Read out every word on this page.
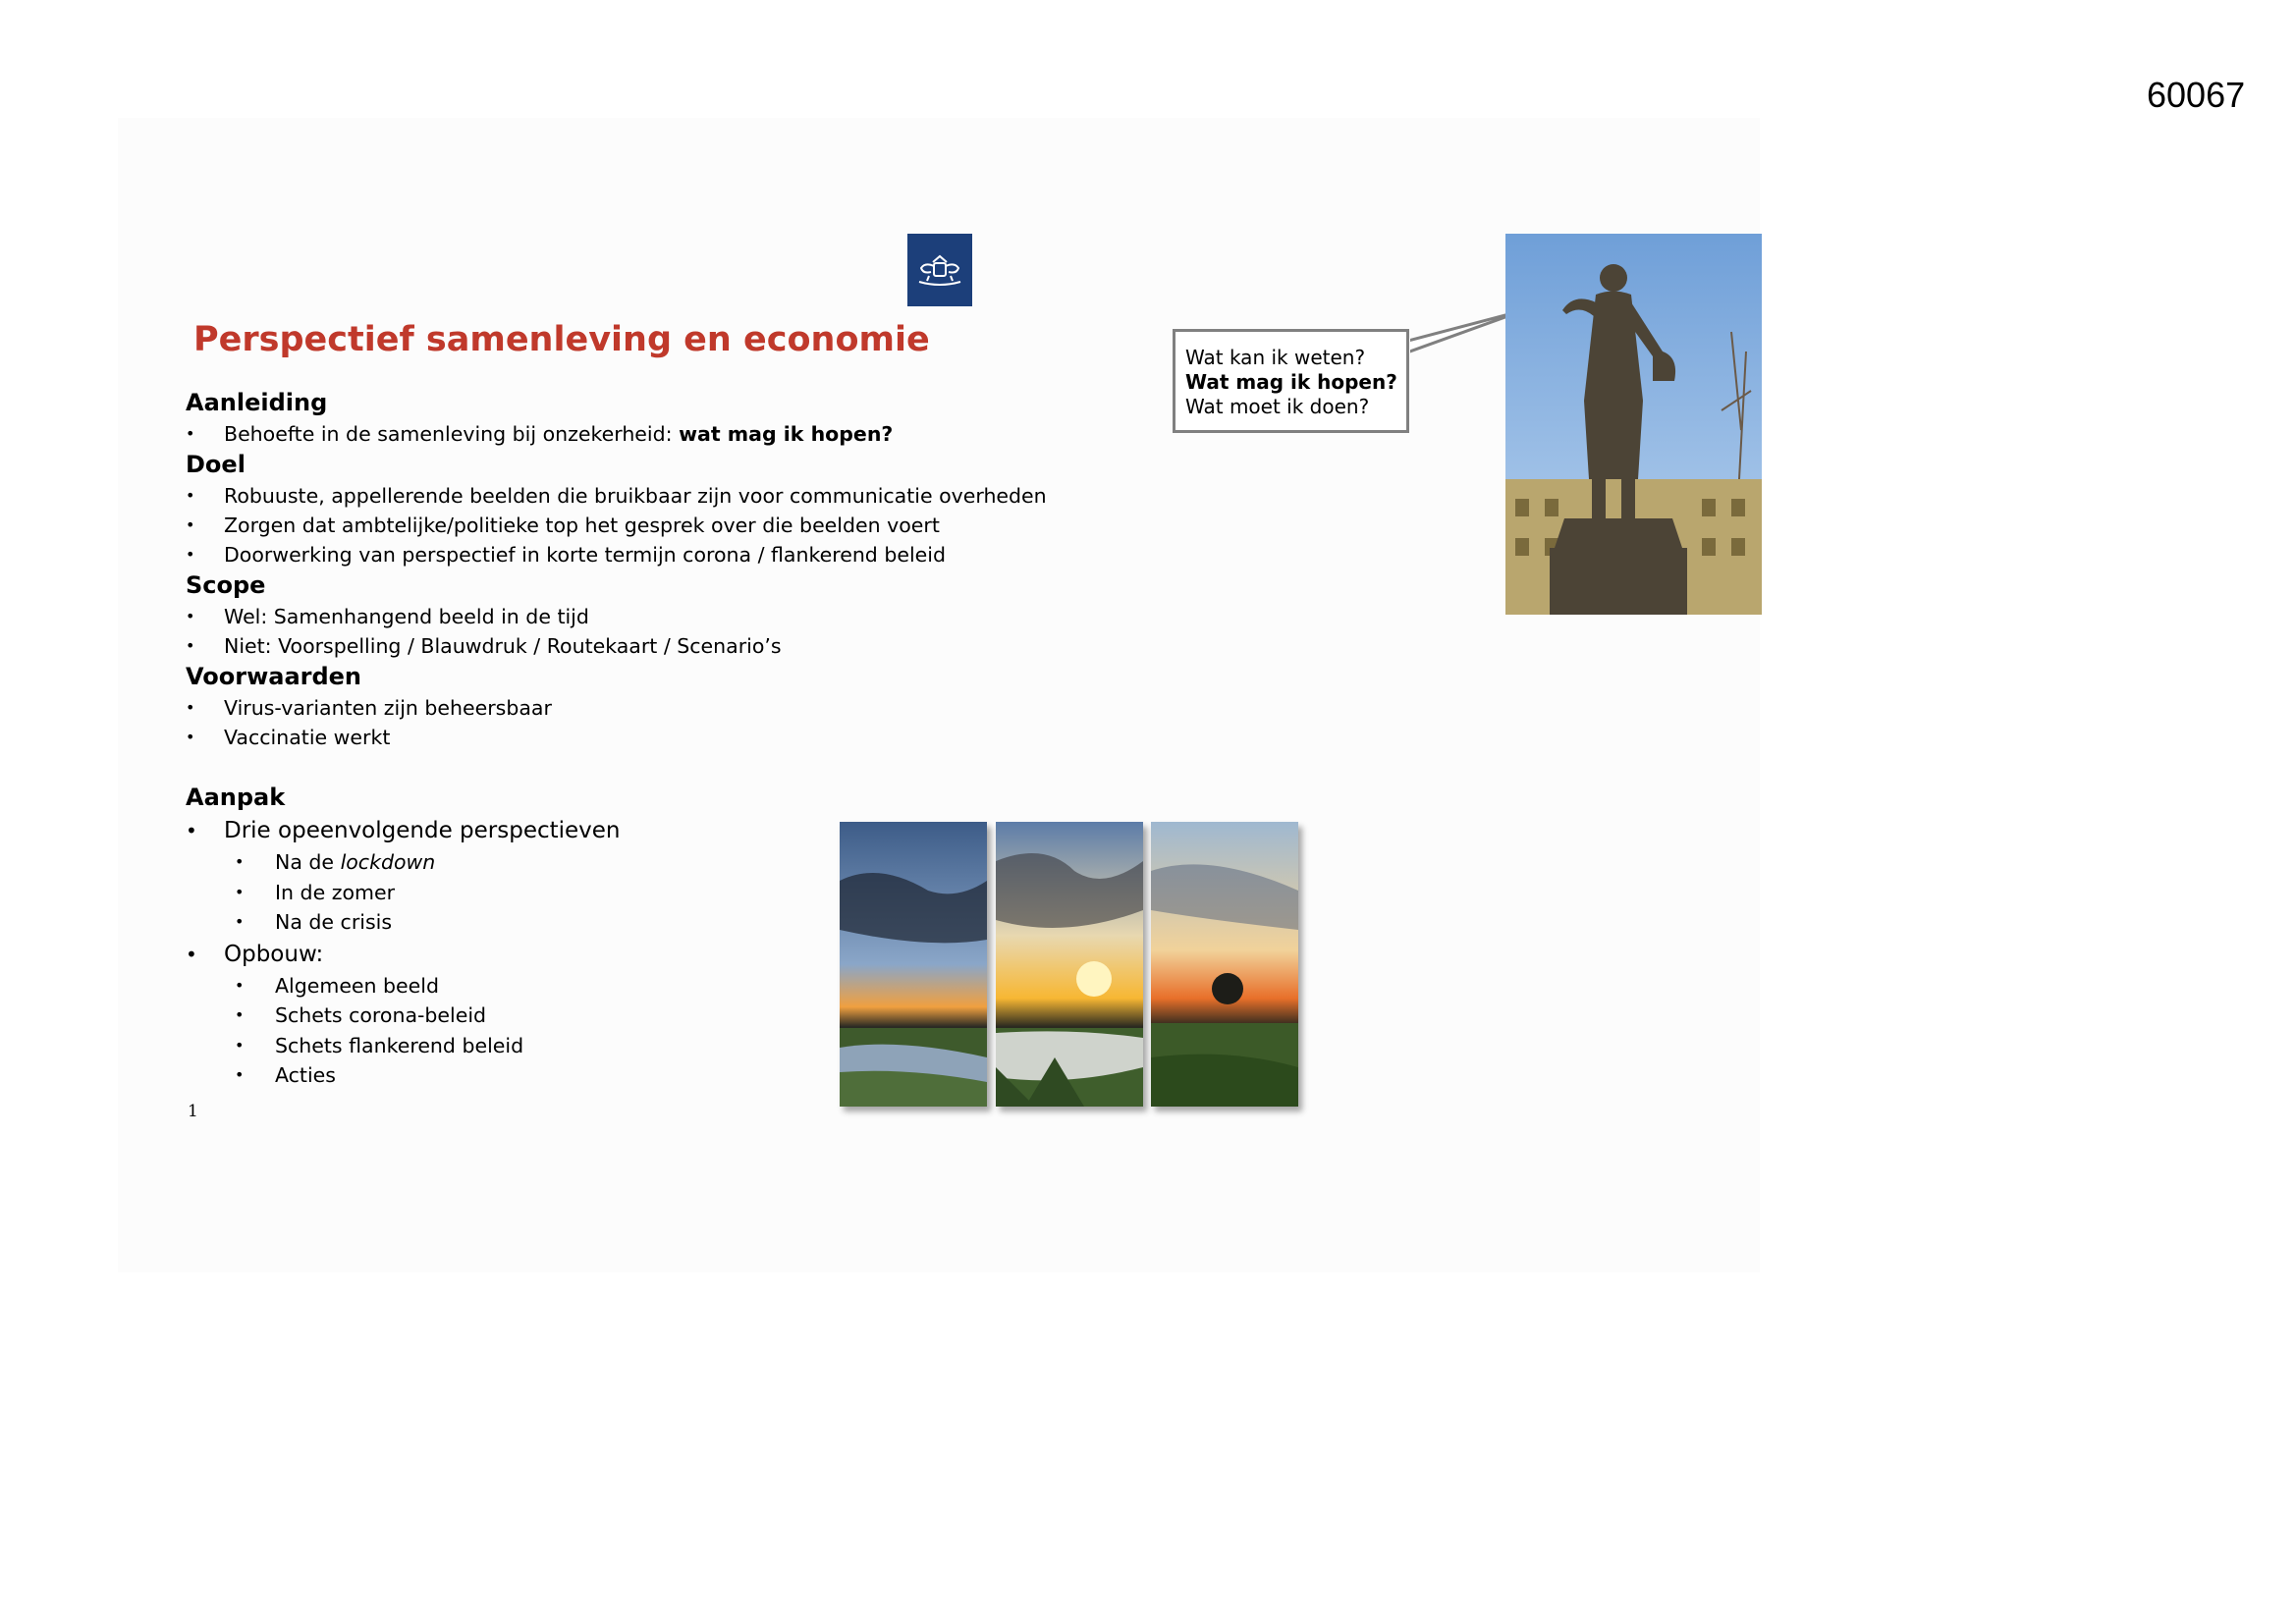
60067
Perspectief samenleving en economie
Aanleiding
• Behoefte in de samenleving bij onzekerheid: wat mag ik hopen?
Doel
• Robuuste, appellerende beelden die bruikbaar zijn voor communicatie overheden
• Zorgen dat ambtelijke/politieke top het gesprek over die beelden voert
• Doorwerking van perspectief in korte termijn corona / flankerend beleid
Scope
• Wel: Samenhangend beeld in de tijd
• Niet: Voorspelling / Blauwdruk / Routekaart / Scenario’s
Voorwaarden
• Virus-varianten zijn beheersbaar
• Vaccinatie werkt
Aanpak
• Drie opeenvolgende perspectieven
• Na de lockdown
• In de zomer
• Na de crisis
• Opbouw:
• Algemeen beeld
• Schets corona-beleid
• Schets flankerend beleid
• Acties
1
Wat kan ik weten?
Wat mag ik hopen?
Wat moet ik doen?
